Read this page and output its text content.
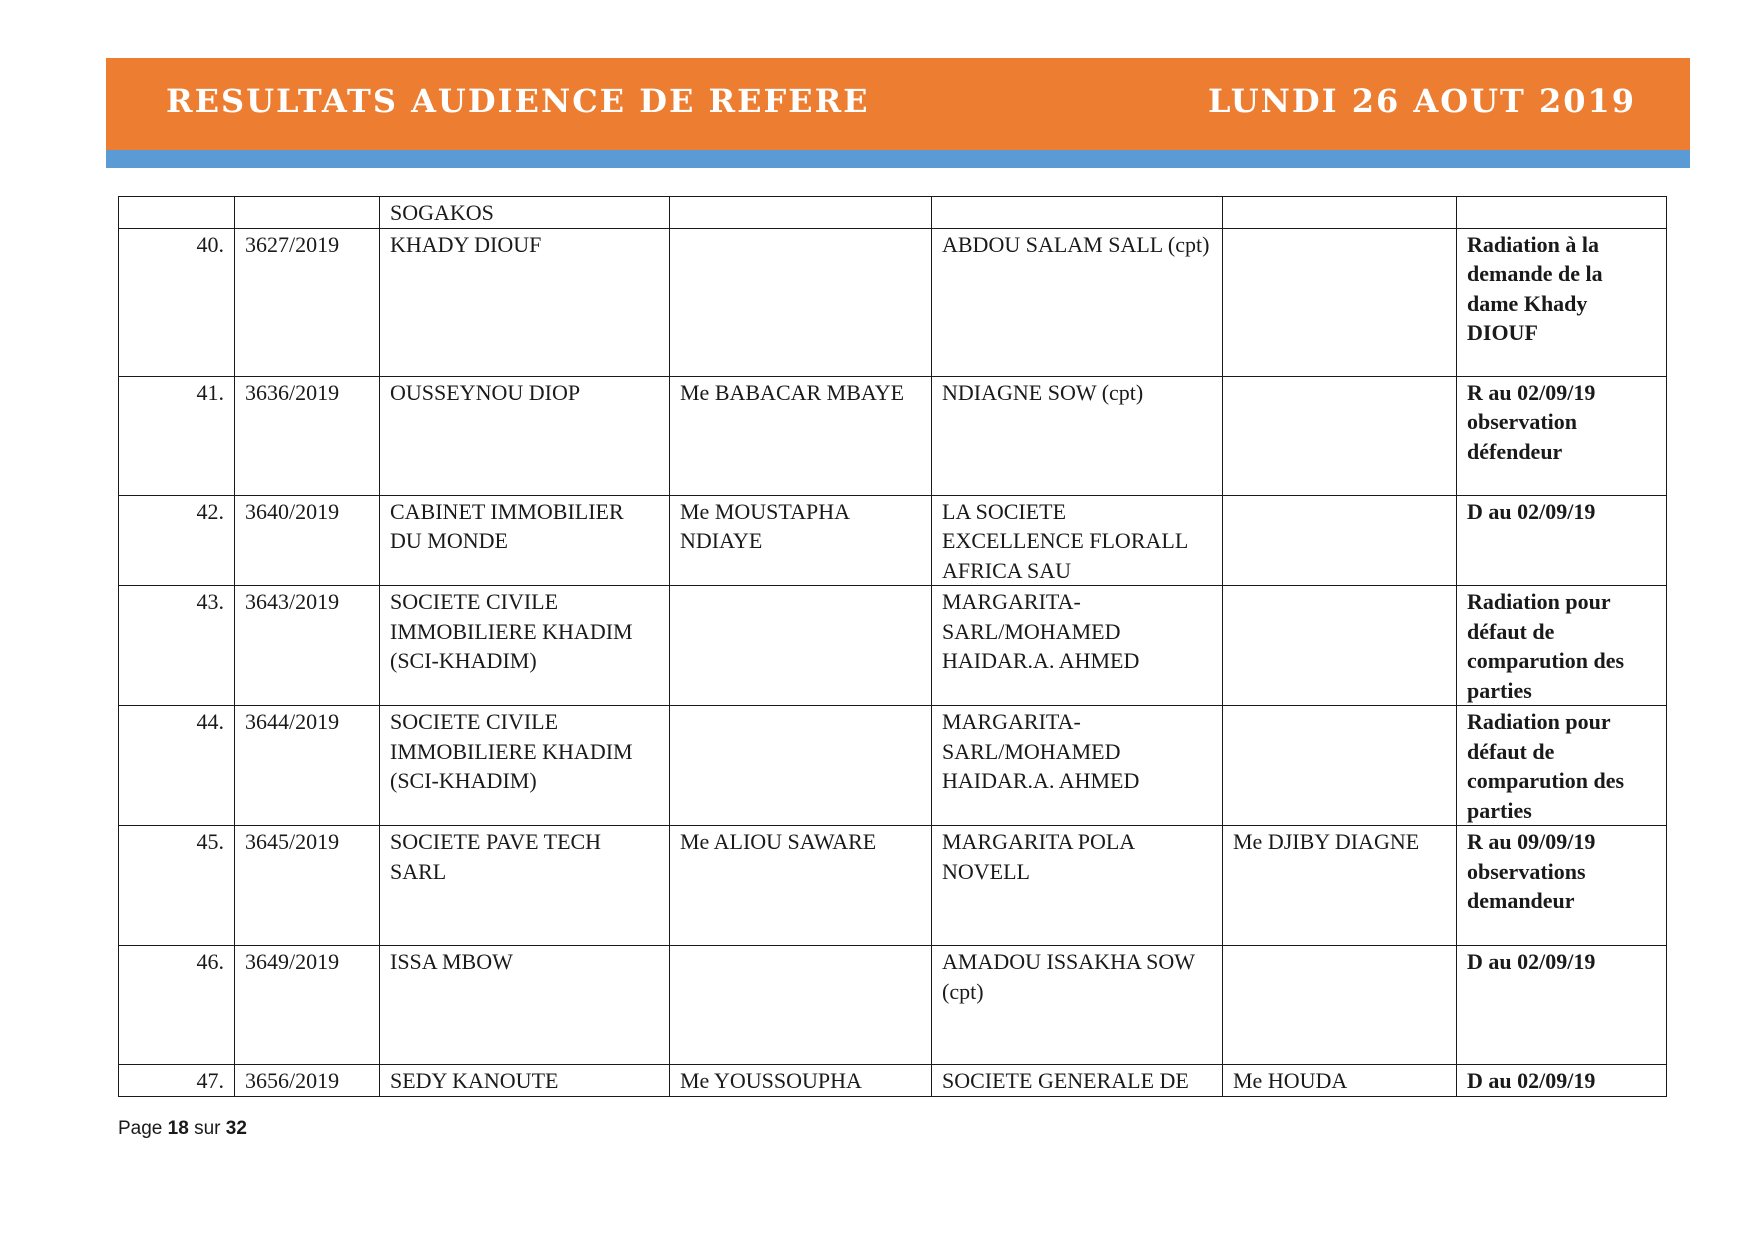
RESULTATS AUDIENCE DE REFERE	LUNDI 26 AOUT 2019
		SOGAKOS				
40.	3627/2019	KHADY DIOUF		ABDOU SALAM SALL (cpt)		Radiation à la demande de la dame Khady DIOUF
41.	3636/2019	OUSSEYNOU DIOP	Me BABACAR MBAYE	NDIAGNE SOW (cpt)		R au 02/09/19 observation défendeur
42.	3640/2019	CABINET IMMOBILIER DU MONDE	Me MOUSTAPHA NDIAYE	LA SOCIETE EXCELLENCE FLORALL AFRICA SAU		D au 02/09/19
43.	3643/2019	SOCIETE CIVILE IMMOBILIERE KHADIM (SCI-KHADIM)		MARGARITA-SARL/MOHAMED HAIDAR.A. AHMED		Radiation pour défaut de comparution des parties
44.	3644/2019	SOCIETE CIVILE IMMOBILIERE KHADIM (SCI-KHADIM)		MARGARITA-SARL/MOHAMED HAIDAR.A. AHMED		Radiation pour défaut de comparution des parties
45.	3645/2019	SOCIETE PAVE TECH SARL	Me ALIOU SAWARE	MARGARITA POLA NOVELL	Me DJIBY DIAGNE	R au 09/09/19 observations demandeur
46.	3649/2019	ISSA MBOW		AMADOU ISSAKHA SOW (cpt)		D au 02/09/19
47.	3656/2019	SEDY KANOUTE	Me YOUSSOUPHA	SOCIETE GENERALE DE	Me HOUDA	D au 02/09/19
Page 18 sur 32
